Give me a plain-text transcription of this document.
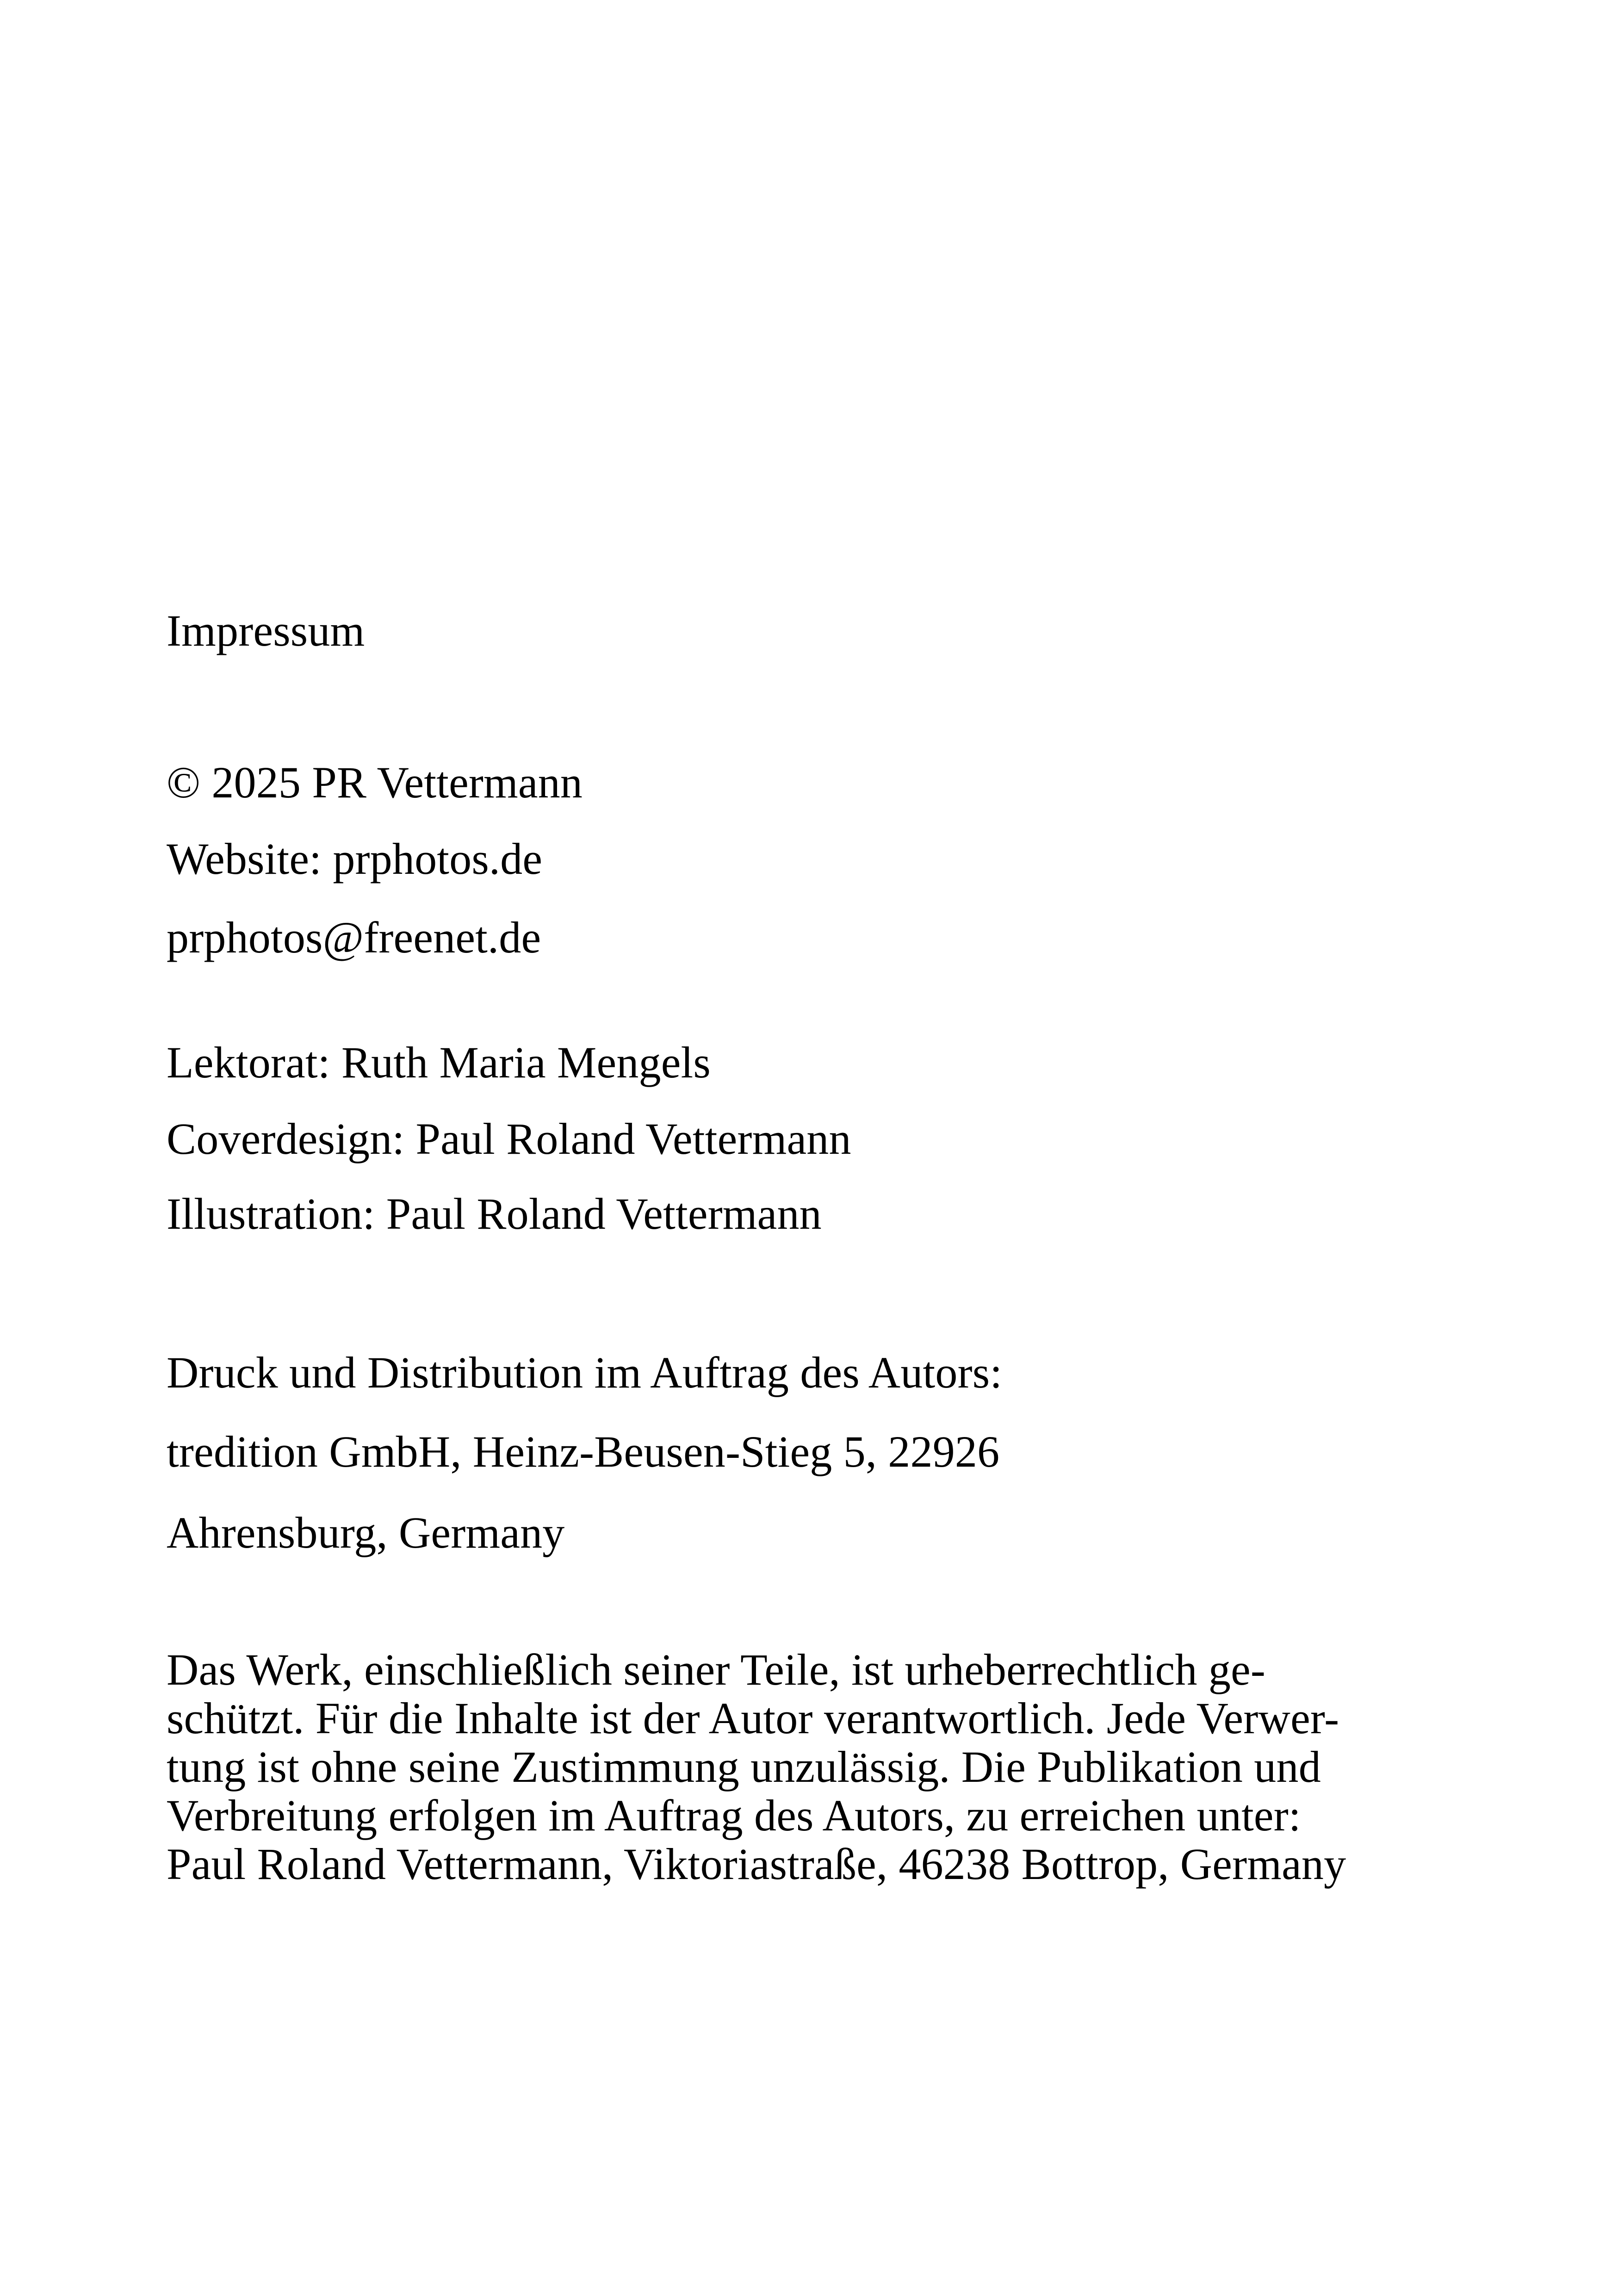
Impressum
© 2025 PR Vettermann
Website: prphotos.de
prphotos@freenet.de
Lektorat: Ruth Maria Mengels
Coverdesign: Paul Roland Vettermann
Illustration: Paul Roland Vettermann
Druck und Distribution im Auftrag des Autors:
tredition GmbH, Heinz-Beusen-Stieg 5, 22926
Ahrensburg, Germany
Das Werk, einschließlich seiner Teile, ist urheberrechtlich ge-
schützt. Für die Inhalte ist der Autor verantwortlich. Jede Verwer-
tung ist ohne seine Zustimmung unzulässig. Die Publikation und
Verbreitung erfolgen im Auftrag des Autors, zu erreichen unter:
Paul Roland Vettermann, Viktoriastraße, 46238 Bottrop, Germany
